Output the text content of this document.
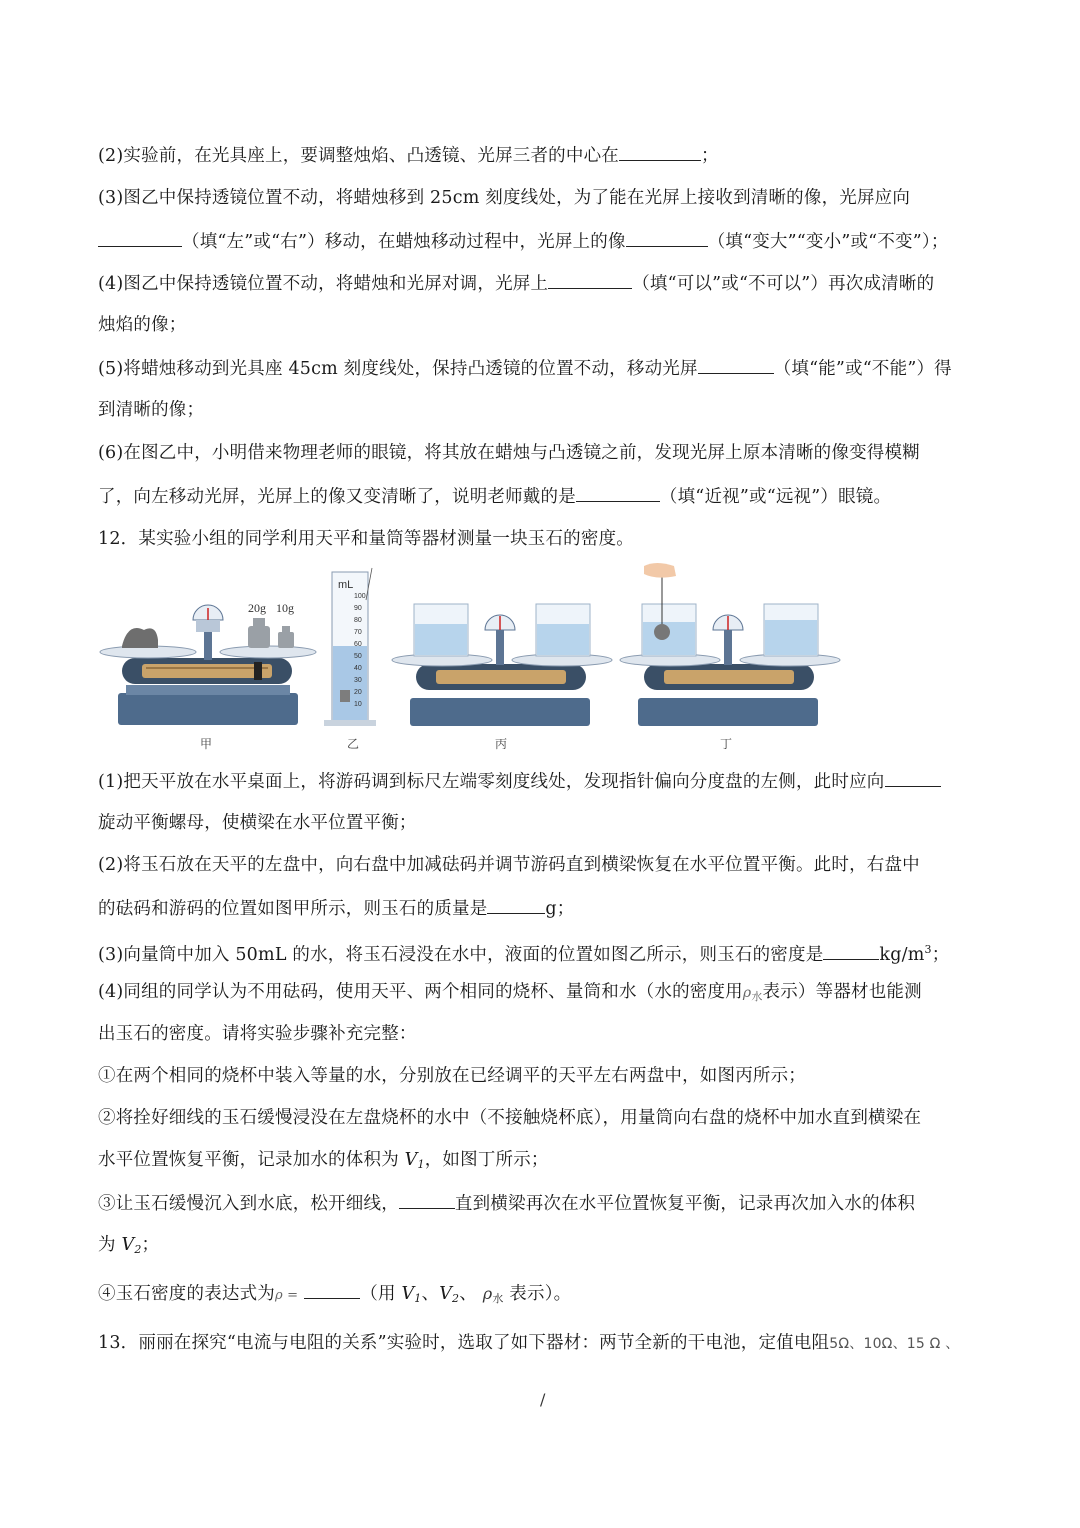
(2)实验前，在光具座上，要调整烛焰、凸透镜、光屏三者的中心在	；
(3)图乙中保持透镜位置不动，将蜡烛移到 25cm 刻度线处，为了能在光屏上接收到清晰的像，光屏应向
（填“左”或“右”）移动，在蜡烛移动过程中，光屏上的像	（填“变大”“变小”或“不变”）；
(4)图乙中保持透镜位置不动，将蜡烛和光屏对调，光屏上	（填“可以”或“不可以”）再次成清晰的
烛焰的像；
(5)将蜡烛移动到光具座 45cm 刻度线处，保持凸透镜的位置不动，移动光屏	（填“能”或“不能”）得
到清晰的像；
(6)在图乙中，小明借来物理老师的眼镜，将其放在蜡烛与凸透镜之前，发现光屏上原本清晰的像变得模糊
了，向左移动光屏，光屏上的像又变清晰了，说明老师戴的是	（填“近视”或“远视”）眼镜。
12．某实验小组的同学利用天平和量筒等器材测量一块玉石的密度。
20g 10g
mL
100
90
80
70
60
50
40
30
20
10
甲	乙	丙	丁
(1)把天平放在水平桌面上，将游码调到标尺左端零刻度线处，发现指针偏向分度盘的左侧，此时应向
旋动平衡螺母，使横梁在水平位置平衡；
(2)将玉石放在天平的左盘中，向右盘中加减砝码并调节游码直到横梁恢复在水平位置平衡。此时，右盘中
的砝码和游码的位置如图甲所示，则玉石的质量是	g；
(3)向量筒中加入 50mL 的水，将玉石浸没在水中，液面的位置如图乙所示，则玉石的密度是	$kg/m^3$；
(4)同组的同学认为不用砝码，使用天平、两个相同的烧杯、量筒和水（水的密度用$\rho_水$表示）等器材也能测
出玉石的密度。请将实验步骤补充完整：
①在两个相同的烧杯中装入等量的水，分别放在已经调平的天平左右两盘中，如图丙所示；
②将拴好细线的玉石缓慢浸没在左盘烧杯的水中（不接触烧杯底），用量筒向右盘的烧杯中加水直到横梁在
水平位置恢复平衡，记录加水的体积为 $V_1$，如图丁所示；
③让玉石缓慢沉入到水底，松开细线，	直到横梁再次在水平位置恢复平衡，记录再次加入水的体积
为 $V_2$；
④玉石密度的表达式为ρ =	（用 $V_1$、$V_2$、 $\rho_水$ 表示）。
13．丽丽在探究“电流与电阻的关系”实验时，选取了如下器材：两节全新的干电池，定值电阻5Ω、10Ω、15 Ω 、
/
